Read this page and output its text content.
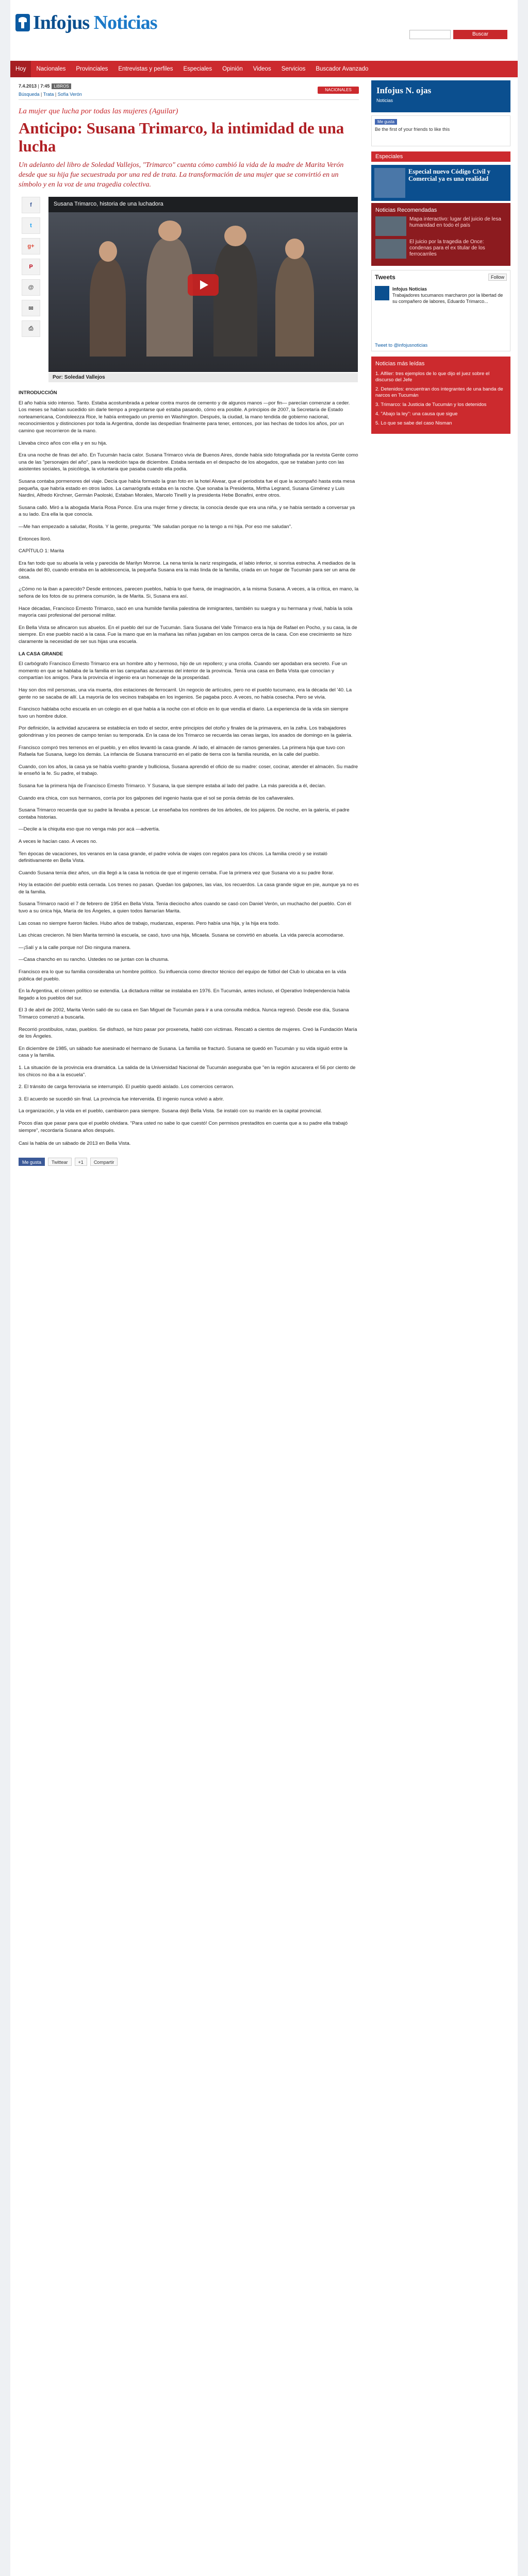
Infojus Noticias
Buscar
Hoy	Nacionales	Provinciales	Entrevistas y perfiles	Especiales	Opinión	Videos	Servicios	Buscador Avanzado
7.4.2013 | 7:45 LIBROS
Búsqueda | Trata | Sofía Verón
NACIONALES
La mujer que lucha por todas las mujeres (Aguilar)
Anticipo: Susana Trimarco, la intimidad de una lucha
Un adelanto del libro de Soledad Vallejos, "Trimarco" cuenta cómo cambió la vida de la madre de Marita Verón desde que su hija fue secuestrada por una red de trata. La transformación de una mujer que se convirtió en un símbolo y en la voz de una tragedia colectiva.
f
t
g+
P
@
✉
⎙
Susana Trimarco, historia de una luchadora
Por: Soledad Vallejos

INTRODUCCIÓN

El año había sido intenso. Tanto. Estaba acostumbrada a pelear contra muros de cemento y de algunos manos —por fin— parecían comenzar a ceder. Los meses se habían sucedido sin darle tiempo a preguntarse qué estaba pasando, cómo era posible. A principios de 2007, la Secretaría de Estado norteamericana, Condoleezza Rice, le había entregado un premio en Washington. Después, la ciudad, la mano tendida de gobierno nacional, reconocimientos y distinciones por toda la Argentina, donde las despedían finalmente para tener, entonces, por las hechas de todos los años, por un camino que recorrieron de la mano.

Llevaba cinco años con ella y en su hija.

Era una noche de finas del año. En Tucumán hacía calor. Susana Trimarco vivía de Buenos Aires, donde había sido fotografiada por la revista Gente como una de las "personajes del año", para la reedición tapa de diciembre. Estaba sentada en el despacho de los abogados, que se trataban junto con las asistentes sociales, la psicóloga, la voluntaria que pasaba cuando ella podía.

Susana contaba pormenores del viaje. Decía que había formado la gran foto en la hotel Alvear, que el periodista fue el que la acompañó hasta esta mesa pequeña, que habría estado en otros lados. La camarógrafa estaba en la noche. Que sonaba la Presidenta, Mirtha Legrand, Susana Giménez y Luis Nardini, Alfredo Kirchner, Germán Paoloski, Estaban Morales, Marcelo Tinelli y la presidenta Hebe Bonafini, entre otros.

Susana calló. Miró a la abogada María Rosa Ponce. Era una mujer firme y directa; la conocía desde que era una niña, y se había sentado a conversar ya a su lado. Era ella la que conocía.

—Me han empezado a saludar, Rosita. Y la gente, pregunta: "Me saludan porque no la tengo a mi hija. Por eso me saludan".

Entonces lloró.

CAPÍTULO 1: Marita

Era fan todo que su abuela la vela y parecida de Marilyn Monroe. La nena tenía la nariz respingada, el labio inferior, si sonrisa estrecha. A mediados de la década del 80, cuando entraba en la adolescencia, la pequeña Susana era la más linda de la familia, criada en un hogar de Tucumán para ser un ama de casa.

¿Cómo no la iban a parecido? Desde entonces, parecen pueblos, había lo que fuera, de imaginación, a la misma Susana. A veces, a la crítica, en mano, la señora de los fotos de su primera comunión, la de Marita. Si, Susana era así.

Hace décadas, Francisco Ernesto Trimarco, sacó en una humilde familia palestina de inmigrantes, también su suegra y su hermana y rival, había la sola mayoría casi profesional del personal militar.

En Bella Vista se afincaron sus abuelos. En el pueblo del sur de Tucumán. Sara Susana del Valle Trimarco era la hija de Rafael en Pocho, y su casa, la de siempre. En ese pueblo nació a la casa. Fue la mano que en la mañana las niñas jugaban en los campos cerca de la casa. Con ese crecimiento se hizo claramente la necesidad de ser sus hijas una escuela.

LA CASA GRANDE

El carbógrafo Francisco Ernesto Trimarco era un hombre alto y hermoso, hijo de un repollero; y una criolla. Cuando ser apodaban era secreto. Fue un momento en que se hablaba de la familia en las campañas azucareras del interior de la provincia. Tenía una casa en Bella Vista que conocían y compartían los amigos. Para la provincia el ingenio era un homenaje de la prosperidad.

Hay son dos mil personas, una vía muerta, dos estaciones de ferrocarril. Un negocio de artículos, pero no el pueblo tucumano, era la década del '40. La gente no se sacaba de allí. La mayoría de los vecinos trabajaba en los ingenios. Se pagaba poco. A veces, no había cosecha. Pero se vivía.

Francisco hablaba ocho escuela en un colegio en el que había a la noche con el oficio en lo que vendía el diario. La experiencia de la vida sin siempre tuvo un hombre dulce.

Por definición, la actividad azucarera se establecía en todo el sector, entre principios del otoño y finales de la primavera, en la zafra. Los trabajadores golondrinas y los peones de campo tenían su temporada. En la casa de los Trimarco se recuerda las cenas largas, los asados de domingo en la galería.

Francisco compró tres terrenos en el pueblo, y en ellos levantó la casa grande. Al lado, el almacén de ramos generales. La primera hija que tuvo con Rafaela fue Susana, luego los demás. La infancia de Susana transcurrió en el patio de tierra con la familia reunida, en la calle del pueblo.

Cuando, con los años, la casa ya se había vuelto grande y bulliciosa, Susana aprendió el oficio de su madre: coser, cocinar, atender el almacén. Su madre le enseñó la fe. Su padre, el trabajo.

Susana fue la primera hija de Francisco Ernesto Trimarco. Y Susana, la que siempre estaba al lado del padre. La más parecida a él, decían.

Cuando era chica, con sus hermanos, corría por los galpones del ingenio hasta que el sol se ponía detrás de los cañaverales.

Susana Trimarco recuerda que su padre la llevaba a pescar. Le enseñaba los nombres de los árboles, de los pájaros. De noche, en la galería, el padre contaba historias.

—Decile a la chiquita eso que no venga más por acá —advertía.

A veces le hacían caso. A veces no.

Ten épocas de vacaciones, los veranos en la casa grande, el padre volvía de viajes con regalos para los chicos. La familia creció y se instaló definitivamente en Bella Vista.

Cuando Susana tenía diez años, un día llegó a la casa la noticia de que el ingenio cerraba. Fue la primera vez que Susana vio a su padre llorar.

Hoy la estación del pueblo está cerrada. Los trenes no pasan. Quedan los galpones, las vías, los recuerdos. La casa grande sigue en pie, aunque ya no es de la familia.

Susana Trimarco nació el 7 de febrero de 1954 en Bella Vista. Tenía dieciocho años cuando se casó con Daniel Verón, un muchacho del pueblo. Con él tuvo a su única hija, María de los Ángeles, a quien todos llamarían Marita.

Las cosas no siempre fueron fáciles. Hubo años de trabajo, mudanzas, esperas. Pero había una hija, y la hija era todo.

Las chicas crecieron. Ni bien Marita terminó la escuela, se casó, tuvo una hija, Micaela. Susana se convirtió en abuela. La vida parecía acomodarse.

—¡Salí y a la calle porque no! Dio ninguna manera.

—Casa chancho en su rancho. Ustedes no se juntan con la chusma.

Francisco era lo que su familia consideraba un hombre político. Su influencia como director técnico del equipo de fútbol del Club lo ubicaba en la vida pública del pueblo.

En la Argentina, el crimen político se extendía. La dictadura militar se instalaba en 1976. En Tucumán, antes incluso, el Operativo Independencia había llegado a los pueblos del sur.

El 3 de abril de 2002, Marita Verón salió de su casa en San Miguel de Tucumán para ir a una consulta médica. Nunca regresó. Desde ese día, Susana Trimarco comenzó a buscarla.

Recorrió prostíbulos, rutas, pueblos. Se disfrazó, se hizo pasar por proxeneta, habló con víctimas. Rescató a cientos de mujeres. Creó la Fundación María de los Ángeles.

En diciembre de 1985, un sábado fue asesinado el hermano de Susana. La familia se fracturó. Susana se quedó en Tucumán y su vida siguió entre la casa y la familia.

1. La situación de la provincia era dramática. La salida de la Universidad Nacional de Tucumán aseguraba que "en la región azucarera el 56 por ciento de los chicos no iba a la escuela".

2. El tránsito de carga ferroviaria se interrumpió. El pueblo quedó aislado. Los comercios cerraron.

3. El acuerdo se sucedió sin final. La provincia fue intervenida. El ingenio nunca volvió a abrir.

La organización, y la vida en el pueblo, cambiaron para siempre. Susana dejó Bella Vista. Se instaló con su marido en la capital provincial.

Pocos días que pasar para que el pueblo olvidara. "Para usted no sabe lo que cuestó! Con permisos prestaditos en cuenta que a su padre ella trabajó siempre", recordaría Susana años después.

Casi la habla de un sábado de 2013 en Bella Vista.
Me gusta	Twittear	+1	Compartir
Infojus N. ojas
Noticias
Me gusta
Be the first of your friends to like this
Especiales
Especial nuevo Código Civil y Comercial ya es una realidad
Noticias Recomendadas
Mapa interactivo: lugar del juicio de lesa humanidad en todo el país
El juicio por la tragedia de Once: condenas para el ex titular de los ferrocarriles
Tweets	Follow
Infojus Noticias
Trabajadores tucumanos marcharon por la libertad de su compañero de labores, Eduardo Trimarco...
Tweet to @infojusnoticias
Noticias más leídas
1. Alfiler: tres ejemplos de lo que dijo el juez sobre el discurso del Jefe
2. Detenidos: encuentran dos integrantes de una banda de narcos en Tucumán
3. Trimarco: la Justicia de Tucumán y los detenidos
4. "Abajo la ley": una causa que sigue
5. Lo que se sabe del caso Nisman
